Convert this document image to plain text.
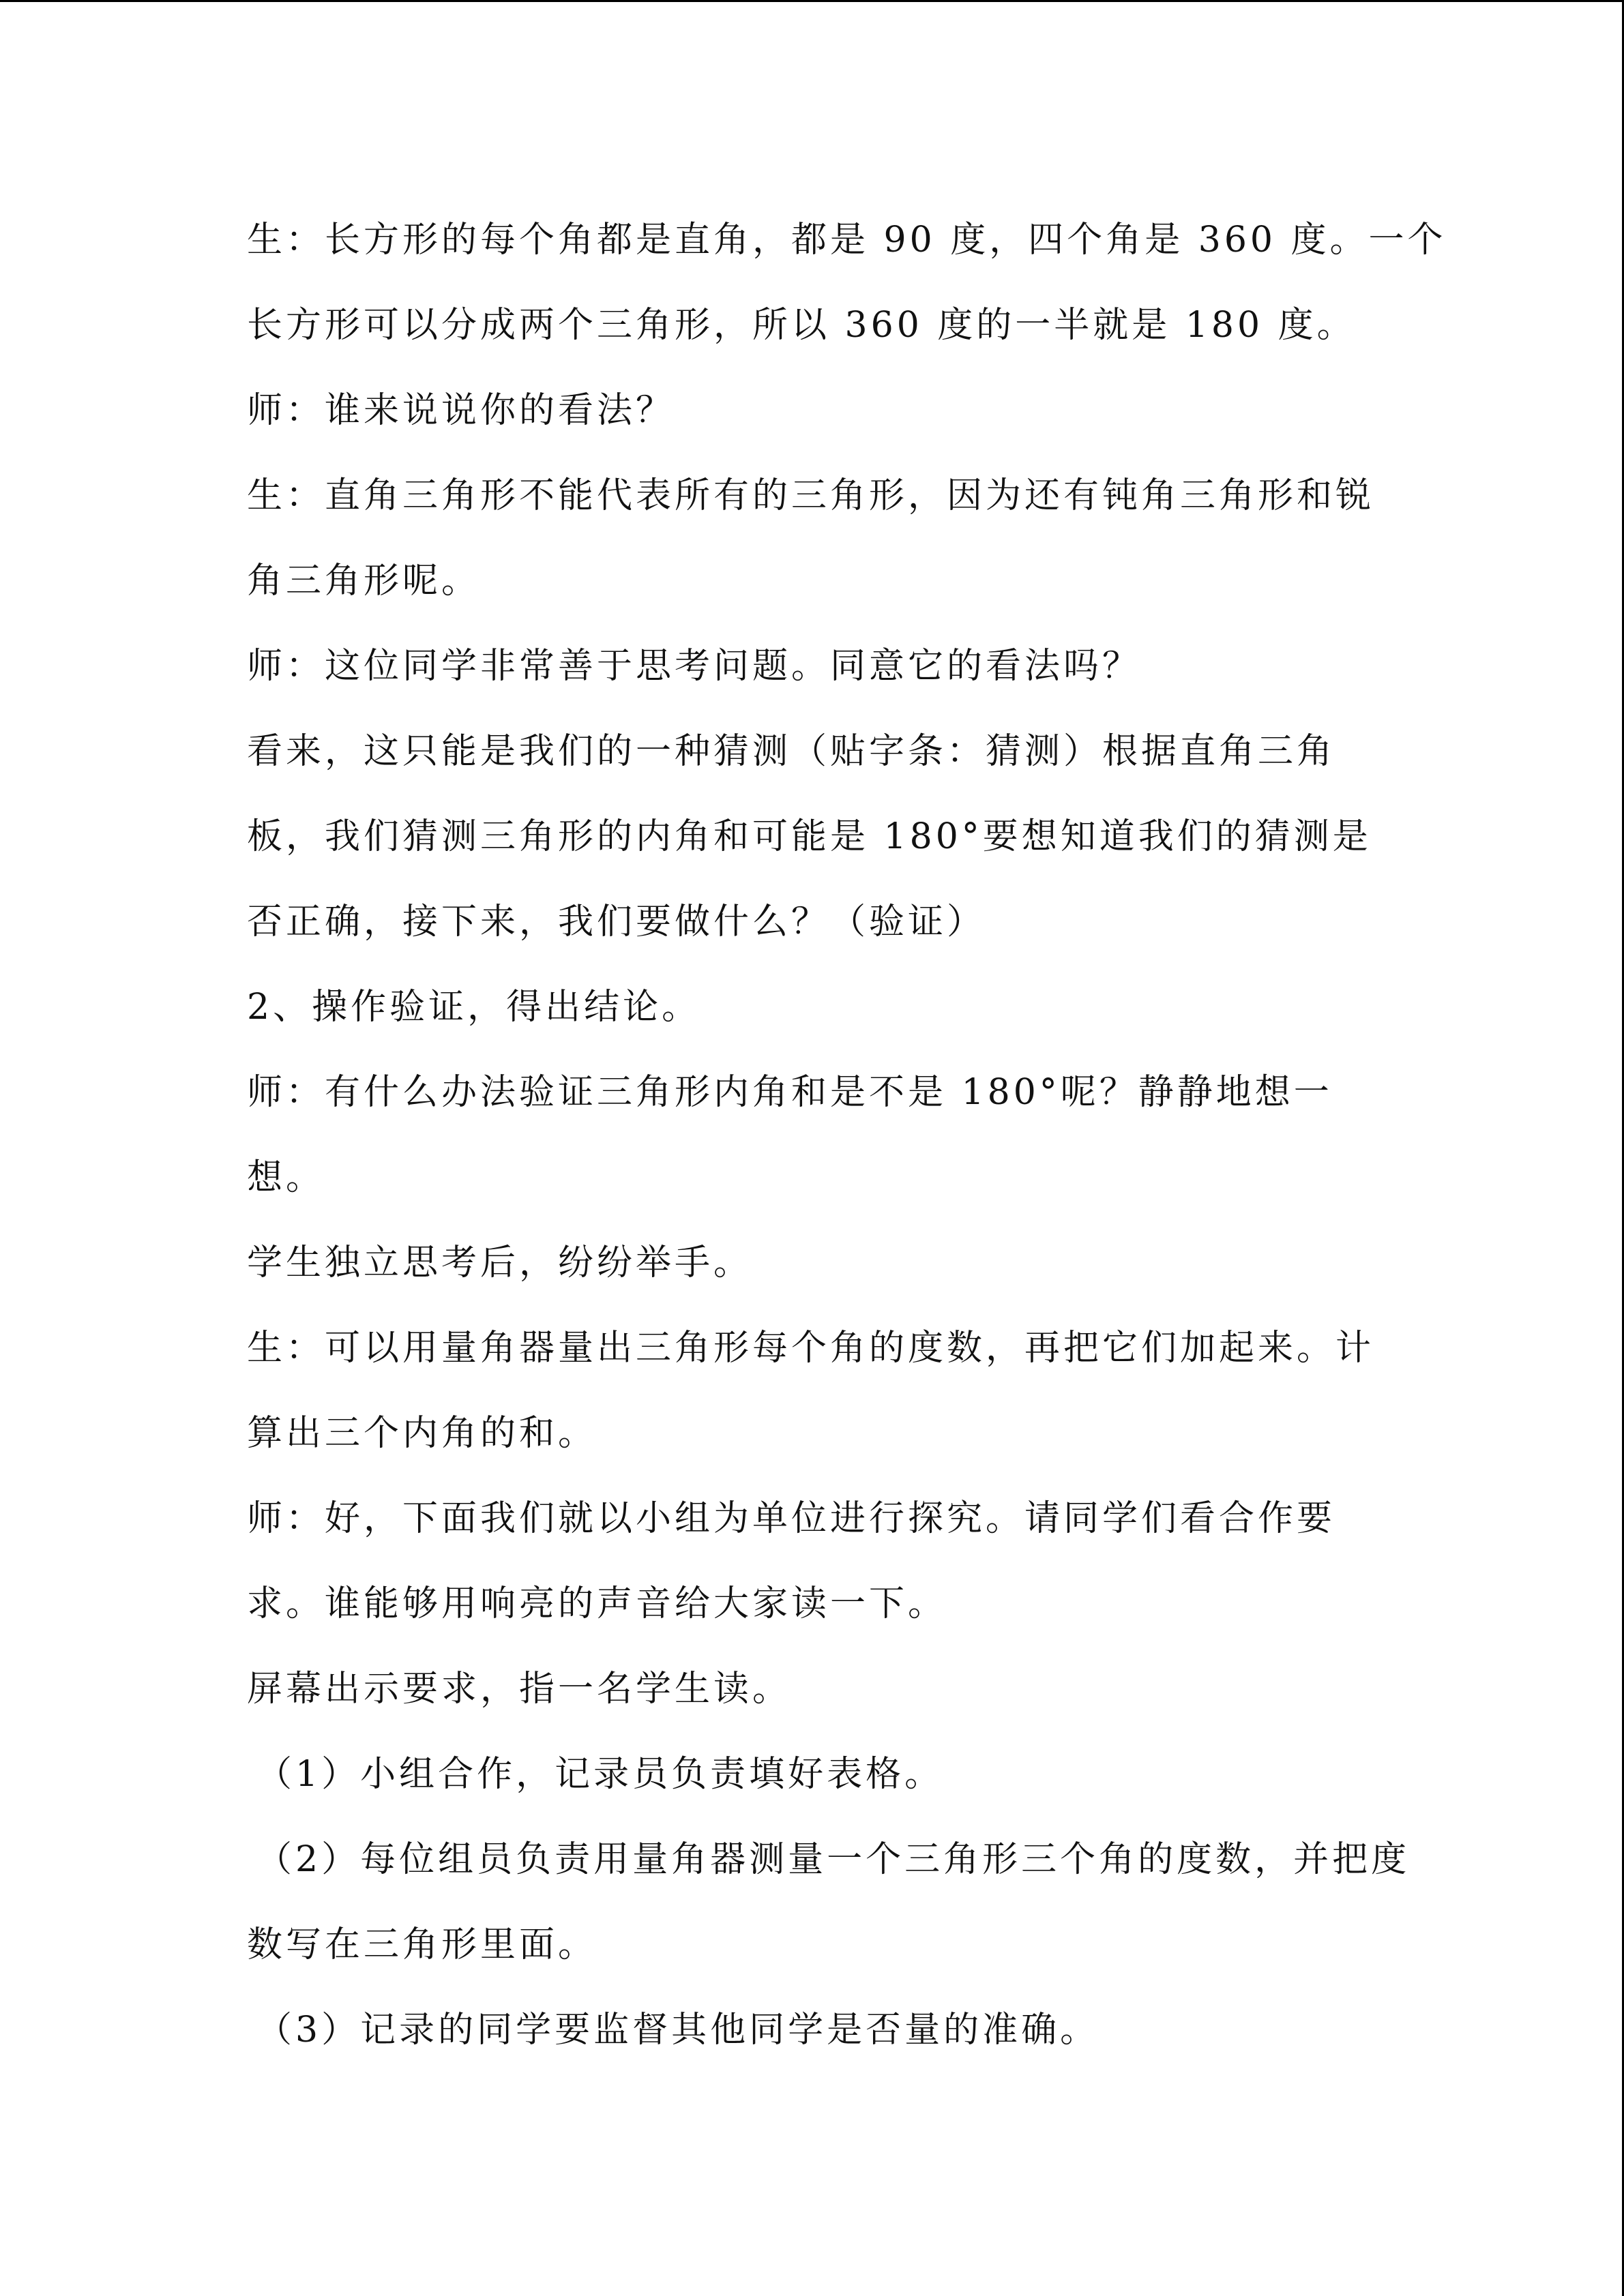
生：长方形的每个角都是直角，都是 90 度，四个角是 360 度。一个
长方形可以分成两个三角形，所以 360 度的一半就是 180 度。
师：谁来说说你的看法？
生：直角三角形不能代表所有的三角形，因为还有钝角三角形和锐
角三角形呢。
师：这位同学非常善于思考问题。同意它的看法吗？
看来，这只能是我们的一种猜测（贴字条：猜测）根据直角三角
板，我们猜测三角形的内角和可能是 180°要想知道我们的猜测是
否正确，接下来，我们要做什么？（验证）
2、操作验证，得出结论。
师：有什么办法验证三角形内角和是不是 180°呢？静静地想一
想。
学生独立思考后，纷纷举手。
生：可以用量角器量出三角形每个角的度数，再把它们加起来。计
算出三个内角的和。
师：好，下面我们就以小组为单位进行探究。请同学们看合作要
求。谁能够用响亮的声音给大家读一下。
屏幕出示要求，指一名学生读。
（1）小组合作，记录员负责填好表格。
（2）每位组员负责用量角器测量一个三角形三个角的度数，并把度
数写在三角形里面。
（3）记录的同学要监督其他同学是否量的准确。
